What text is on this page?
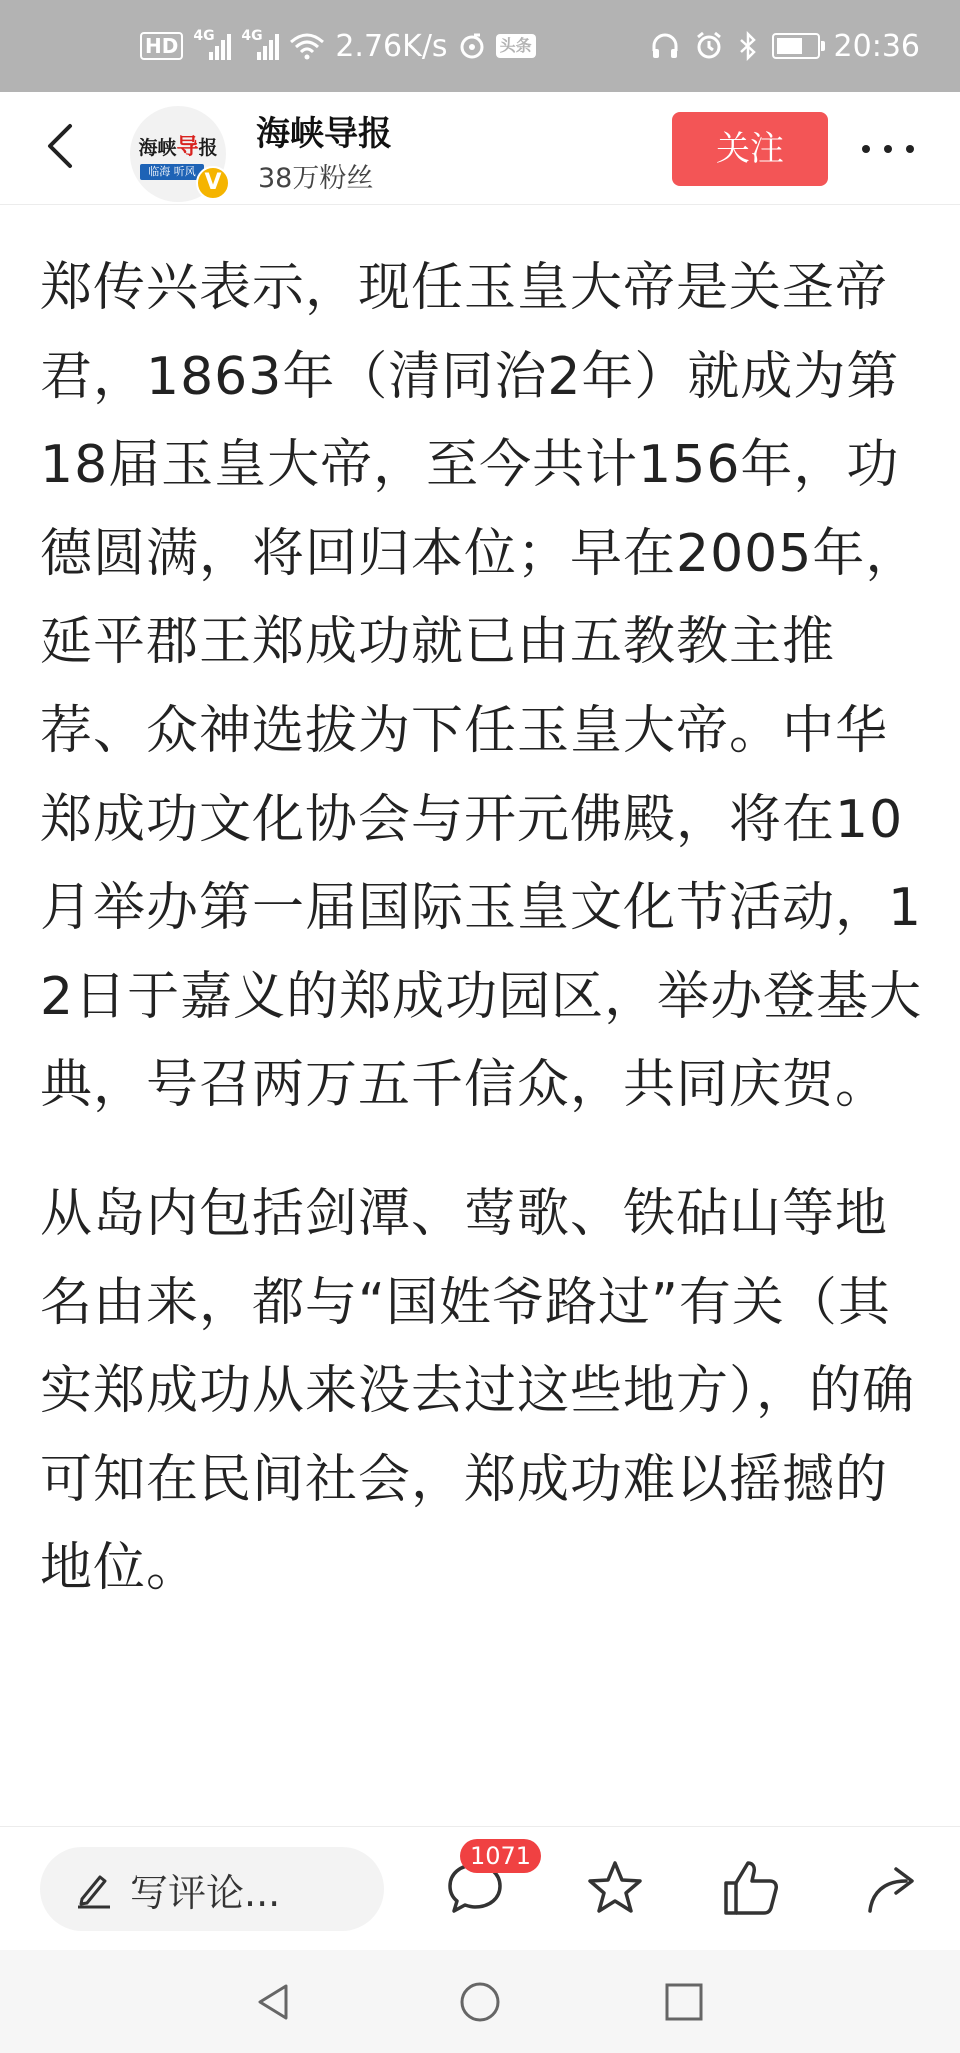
HD	4G 4G 2.76K/s	头条	20:36
海峡导报
临海 听风 V
海峡导报
38万粉丝
关注

郑传兴表示，现任玉皇大帝是关圣帝君，1863年（清同治2年）就成为第18届玉皇大帝，至今共计156年，功德圆满，将回归本位；早在2005年，延平郡王郑成功就已由五教教主推荐、众神选拔为下任玉皇大帝。中华郑成功文化协会与开元佛殿，将在10月举办第一届国际玉皇文化节活动，12日于嘉义的郑成功园区，举办登基大典，号召两万五千信众，共同庆贺。

从岛内包括剑潭、莺歌、铁砧山等地名由来，都与“国姓爷路过”有关（其实郑成功从来没去过这些地方），的确可知在民间社会，郑成功难以摇撼的地位。

写评论...
1071
